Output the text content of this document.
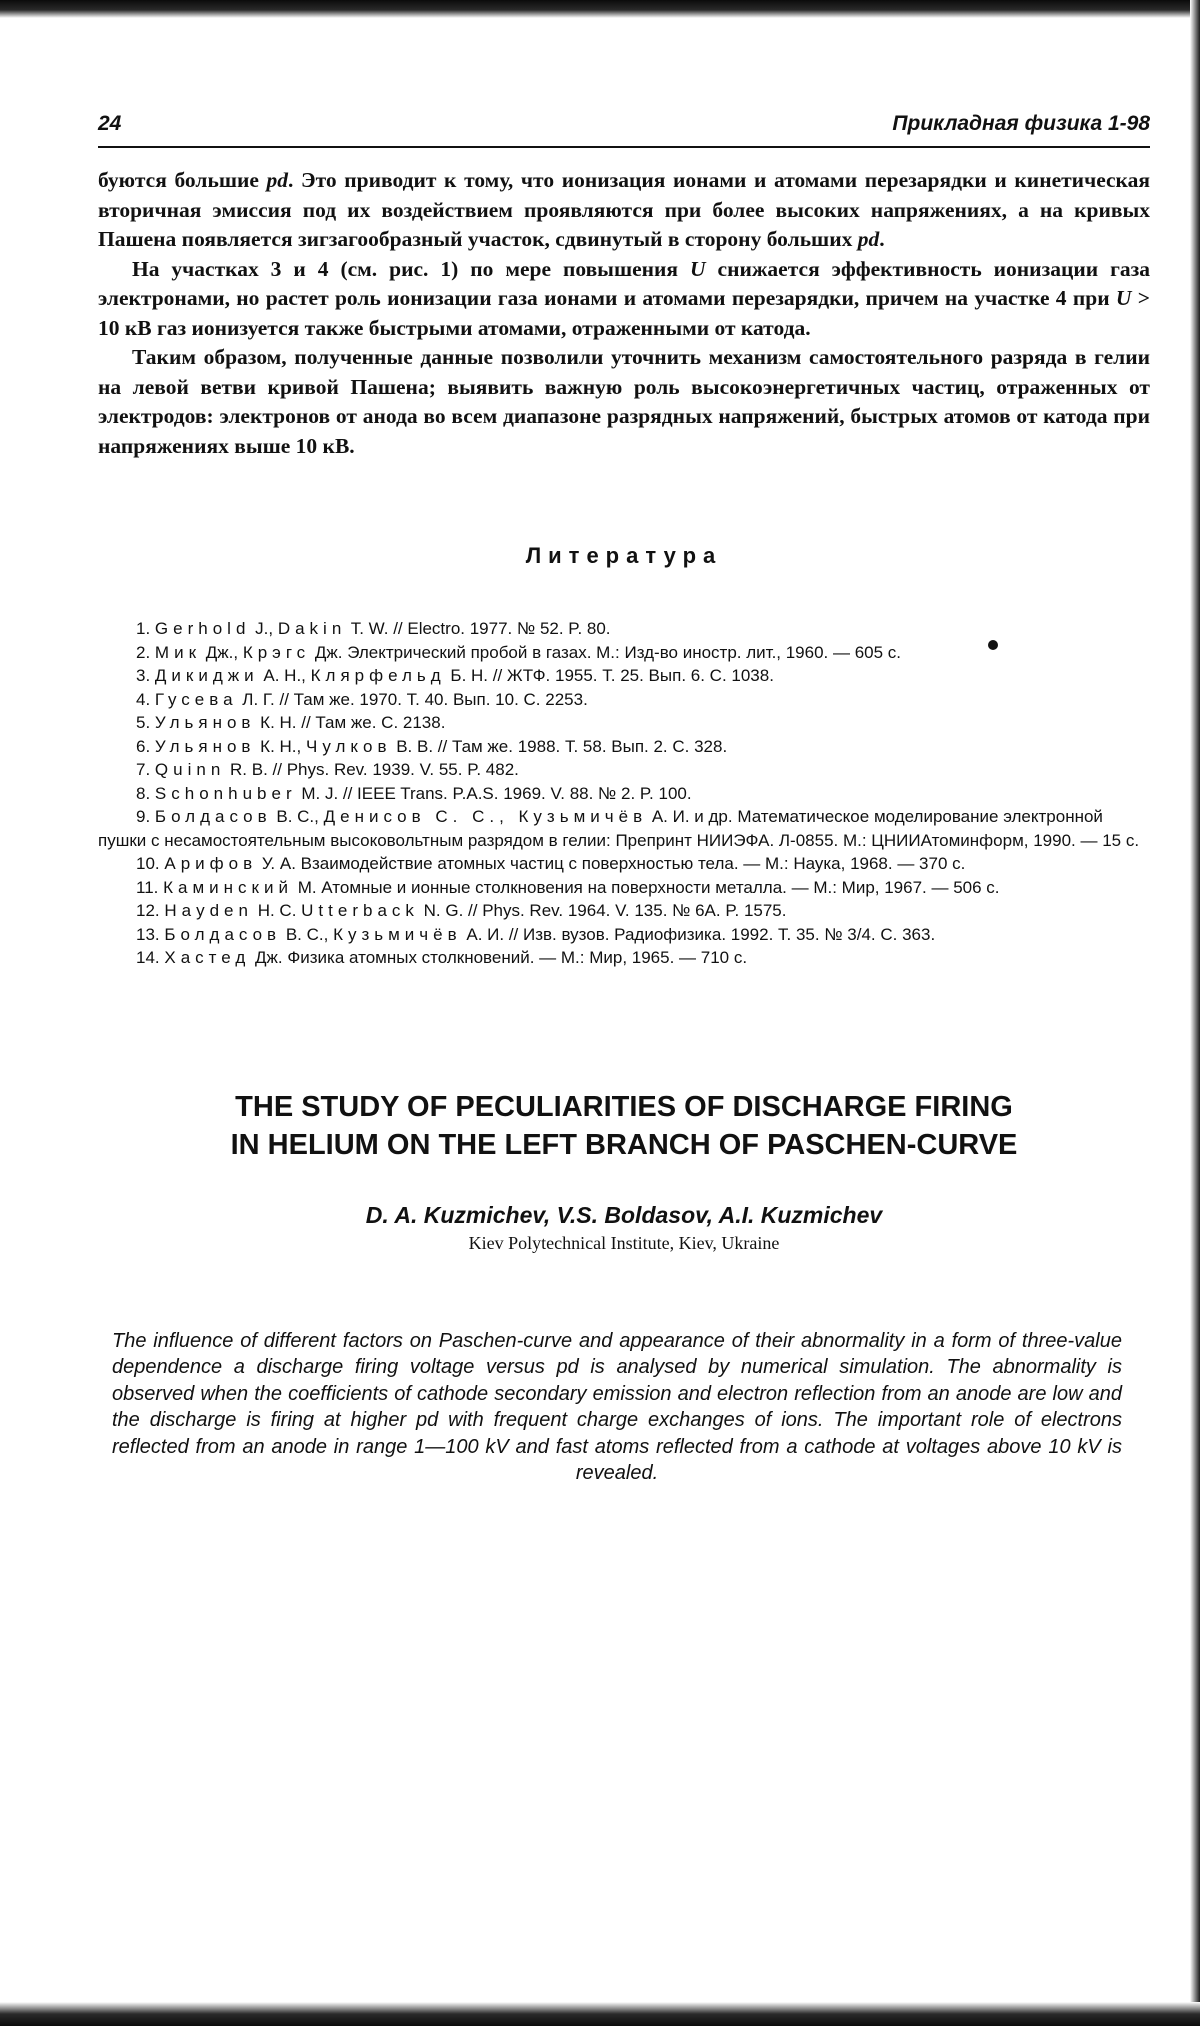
24	Прикладная физика 1-98

буются большие pd. Это приводит к тому, что ионизация ионами и атомами перезарядки и кинетическая вторичная эмиссия под их воздействием проявляются при более высоких напряжениях, а на кривых Пашена появляется зигзагообразный участок, сдвинутый в сторону больших pd.

На участках 3 и 4 (см. рис. 1) по мере повышения U снижается эффективность ионизации газа электронами, но растет роль ионизации газа ионами и атомами перезарядки, причем на участке 4 при U > 10 кВ газ ионизуется также быстрыми атомами, отраженными от катода.

Таким образом, полученные данные позволили уточнить механизм самостоятельного разряда в гелии на левой ветви кривой Пашена; выявить важную роль высокоэнергетичных частиц, отраженных от электродов: электронов от анода во всем диапазоне разрядных напряжений, быстрых атомов от катода при напряжениях выше 10 кВ.

Литература
1. Gerhold J., Dakin T. W. // Electro. 1977. № 52. P. 80.
2. Мик Дж., Крэгс Дж. Электрический пробой в газах. М.: Изд-во иностр. лит., 1960. — 605 с.
3. Дикиджи А. Н., Клярфельд Б. Н. // ЖТФ. 1955. Т. 25. Вып. 6. С. 1038.
4. Гусева Л. Г. // Там же. 1970. Т. 40. Вып. 10. С. 2253.
5. Ульянов К. Н. // Там же. С. 2138.
6. Ульянов К. Н., Чулков В. В. // Там же. 1988. Т. 58. Вып. 2. С. 328.
7. Quinn R. B. // Phys. Rev. 1939. V. 55. P. 482.
8. Schonhuber M. J. // IEEE Trans. P.A.S. 1969. V. 88. № 2. P. 100.
9. Болдасов В. С., Денисов С. С., Кузьмичёв А. И. и др. Математическое моделирование электронной пушки с несамостоятельным высоковольтным разрядом в гелии: Препринт НИИЭФА. Л-0855. М.: ЦНИИАтоминформ, 1990. — 15 с.
10. Арифов У. А. Взаимодействие атомных частиц с поверхностью тела. — М.: Наука, 1968. — 370 с.
11. Каминский М. Атомные и ионные столкновения на поверхности металла. — М.: Мир, 1967. — 506 с.
12. Hayden H. C. Utterback N. G. // Phys. Rev. 1964. V. 135. № 6A. P. 1575.
13. Болдасов В. С., Кузьмичёв А. И. // Изв. вузов. Радиофизика. 1992. Т. 35. № 3/4. С. 363.
14. Хастед Дж. Физика атомных столкновений. — М.: Мир, 1965. — 710 с.
THE STUDY OF PECULIARITIES OF DISCHARGE FIRING
IN HELIUM ON THE LEFT BRANCH OF PASCHEN-CURVE
D. A. Kuzmichev, V.S. Boldasov, A.I. Kuzmichev
Kiev Polytechnical Institute, Kiev, Ukraine
The influence of different factors on Paschen-curve and appearance of their abnormality in a form of three-value dependence a discharge firing voltage versus pd is analysed by numerical simulation. The abnormality is observed when the coefficients of cathode secondary emission and electron reflection from an anode are low and the discharge is firing at higher pd with frequent charge exchanges of ions. The important role of electrons reflected from an anode in range 1—100 kV and fast atoms reflected from a cathode at voltages above 10 kV is revealed.
